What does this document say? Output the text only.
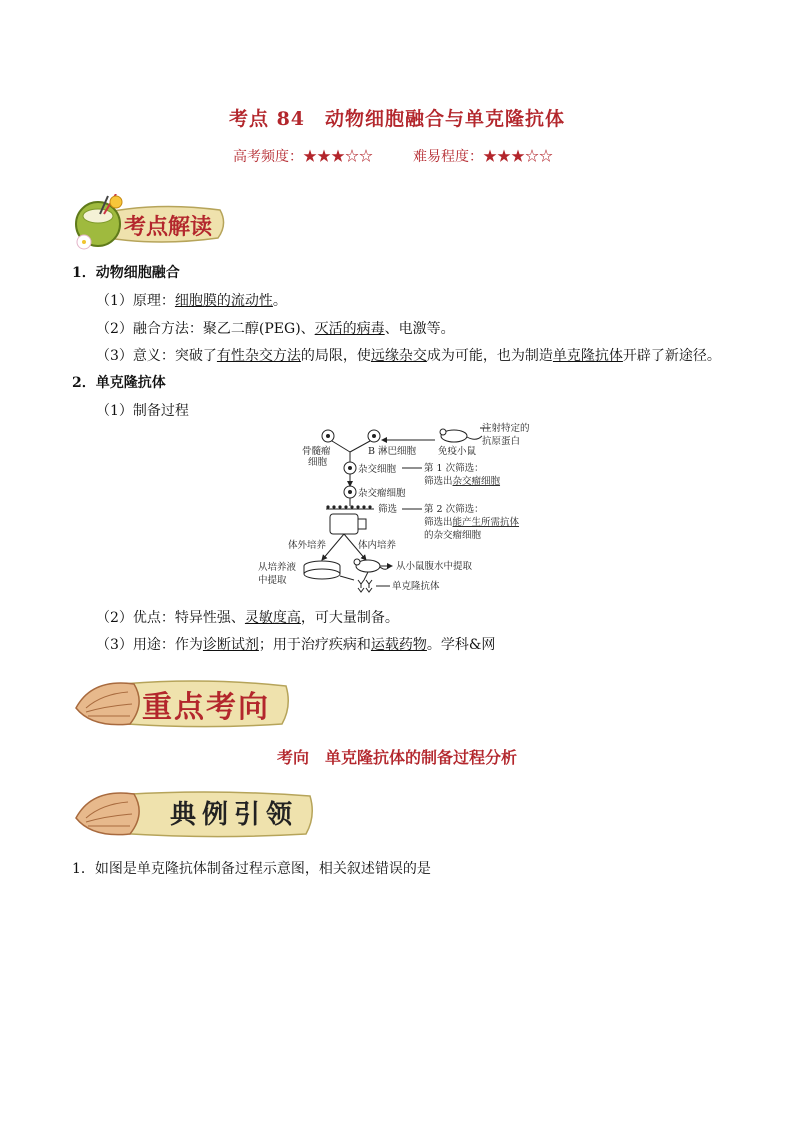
考点 84　动物细胞融合与单克隆抗体
高考频度：★★★☆☆	难易程度：★★★☆☆
考点解读
1．动物细胞融合
（1）原理：细胞膜的流动性。
（2）融合方法：聚乙二醇(PEG)、灭活的病毒、电激等。
（3）意义：突破了有性杂交方法的局限，使远缘杂交成为可能，也为制造单克隆抗体开辟了新途径。
2．单克隆抗体
（1）制备过程
骨髓瘤
细胞
B 淋巴细胞 免疫小鼠
注射特定的
抗原蛋白
杂交细胞	第 1 次筛选：
筛选出杂交瘤细胞
杂交瘤细胞
筛选	第 2 次筛选：
筛选出能产生所需抗体
的杂交瘤细胞
体外培养	体内培养
从培养液
中提取
从小鼠腹水中提取
单克隆抗体
（2）优点：特异性强、灵敏度高，可大量制备。
（3）用途：作为诊断试剂；用于治疗疾病和运载药物。学科&网
重点考向
考向　单克隆抗体的制备过程分析
典例引领
1．如图是单克隆抗体制备过程示意图，相关叙述错误的是
